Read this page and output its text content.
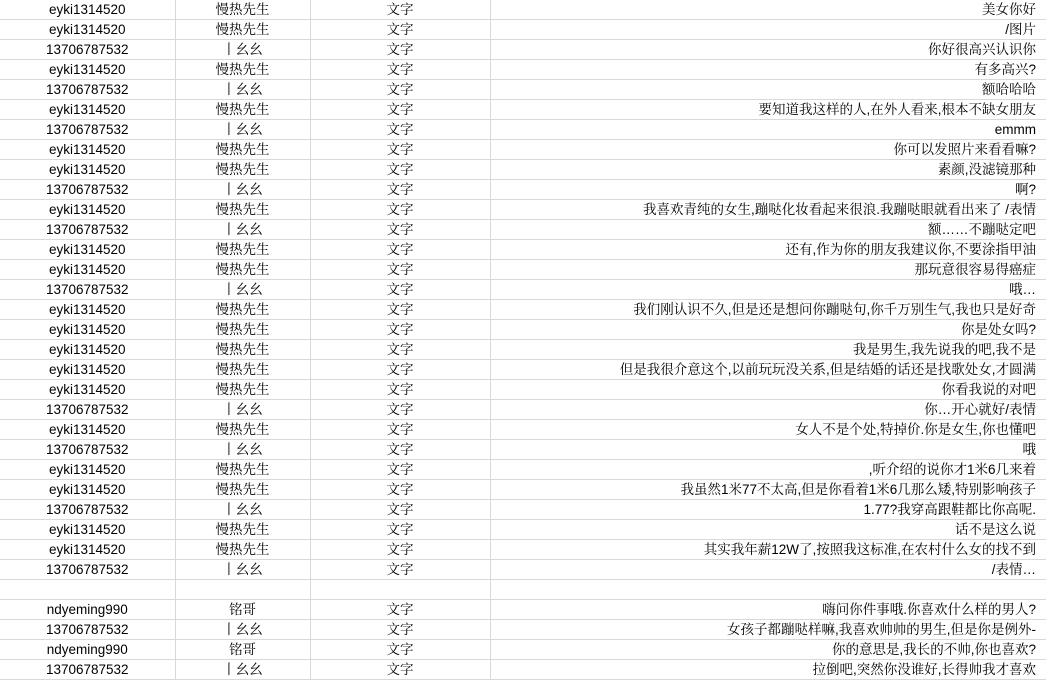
eyki1314520	慢热先生	文字	美女你好
eyki1314520	慢热先生	文字	/图片
13706787532	丨幺幺	文字	你好很高兴认识你
eyki1314520	慢热先生	文字	有多高兴?
13706787532	丨幺幺	文字	额哈哈哈
eyki1314520	慢热先生	文字	要知道我这样的人,在外人看来,根本不缺女朋友
13706787532	丨幺幺	文字	emmm
eyki1314520	慢热先生	文字	你可以发照片来看看嘛?
eyki1314520	慢热先生	文字	素颜,没滤镜那种
13706787532	丨幺幺	文字	啊?
eyki1314520	慢热先生	文字	我喜欢青纯的女生,蹦哒化妆看起来很浪.我蹦哒眼就看出来了 /表情
13706787532	丨幺幺	文字	额……不蹦哒定吧
eyki1314520	慢热先生	文字	还有,作为你的朋友我建议你,不要涂指甲油
eyki1314520	慢热先生	文字	那玩意很容易得癌症
13706787532	丨幺幺	文字	哦…
eyki1314520	慢热先生	文字	我们刚认识不久,但是还是想问你蹦哒句,你千万别生气,我也只是好奇
eyki1314520	慢热先生	文字	你是处女吗?
eyki1314520	慢热先生	文字	我是男生,我先说我的吧,我不是
eyki1314520	慢热先生	文字	但是我很介意这个,以前玩玩没关系,但是结婚的话还是找歌处女,才圆满
eyki1314520	慢热先生	文字	你看我说的对吧
13706787532	丨幺幺	文字	你…开心就好/表情
eyki1314520	慢热先生	文字	女人不是个处,特掉价.你是女生,你也懂吧
13706787532	丨幺幺	文字	哦
eyki1314520	慢热先生	文字	,听介绍的说你才1米6几来着
eyki1314520	慢热先生	文字	我虽然1米77不太高,但是你看着1米6几那么矮,特别影响孩子
13706787532	丨幺幺	文字	1.77?我穿高跟鞋都比你高呢.
eyki1314520	慢热先生	文字	话不是这么说
eyki1314520	慢热先生	文字	其实我年薪12W了,按照我这标准,在农村什么女的找不到
13706787532	丨幺幺	文字	/表情…

ndyeming990	铭哥	文字	嗨问你件事哦.你喜欢什么样的男人?
13706787532	丨幺幺	文字	女孩子都蹦哒样嘛,我喜欢帅帅的男生,但是你是例外-
ndyeming990	铭哥	文字	你的意思是,我长的不帅,你也喜欢?
13706787532	丨幺幺	文字	拉倒吧,突然你没谁好,长得帅我才喜欢
